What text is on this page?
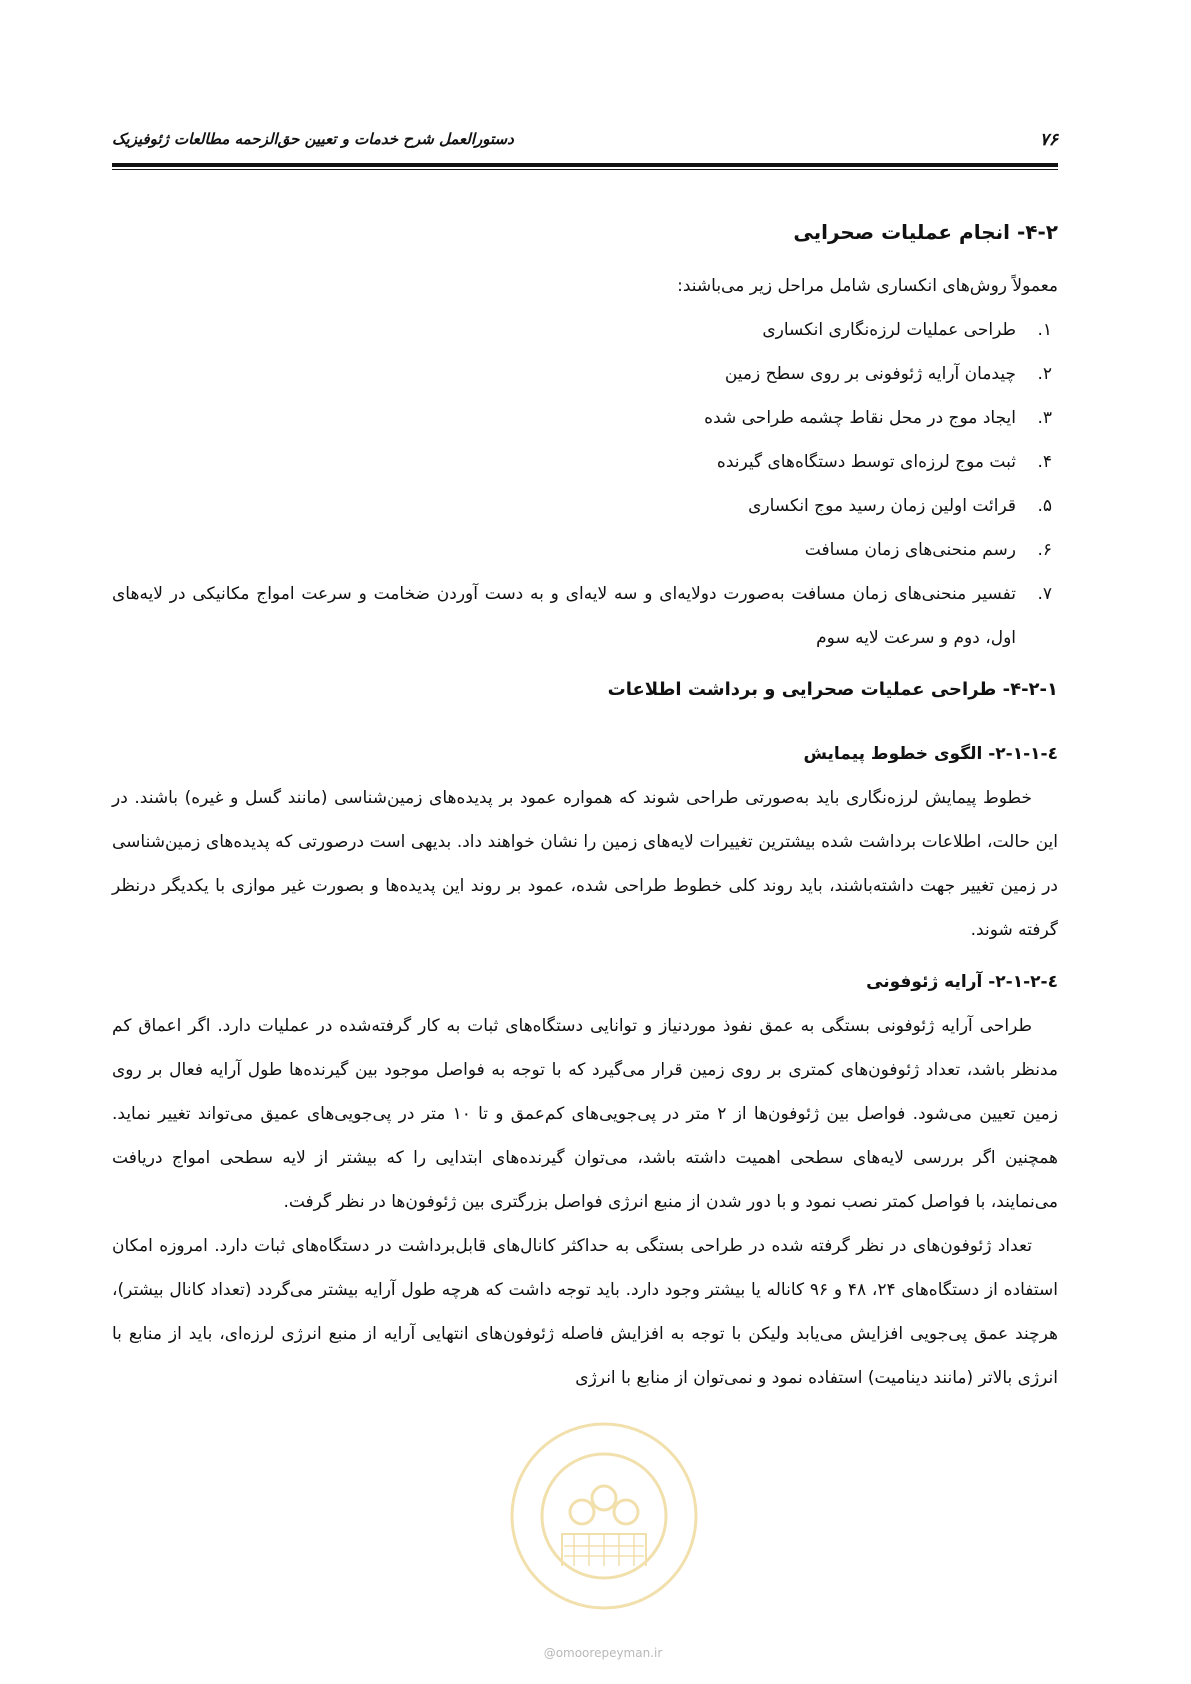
۷۶
دستورالعمل شرح خدمات و تعیین حق‌الزحمه مطالعات ژئوفیزیک
۴-۲- انجام عملیات صحرایی

معمولاً روش‌های انکساری شامل مراحل زیر می‌باشند:

۱.
طراحی عملیات لرزه‌نگاری انکساری
۲.
چیدمان آرایه ژئوفونی بر روی سطح زمین
۳.
ایجاد موج در محل نقاط چشمه طراحی شده
۴.
ثبت موج لرزه‌ای توسط دستگاه‌های گیرنده
۵.
قرائت اولین زمان رسید موج انکساری
۶.
رسم منحنی‌های زمان مسافت
۷.
تفسیر منحنی‌های زمان مسافت به‌صورت دولایه‌ای و سه لایه‌ای و به دست آوردن ضخامت و سرعت امواج مکانیکی در لایه‌های اول، دوم و سرعت لایه سوم
۴-۲-۱- طراحی عملیات صحرایی و برداشت اطلاعات
٤-۲-۱-۱- الگوی خطوط پیمایش

خطوط پیمایش لرزه‌نگاری باید به‌صورتی طراحی شوند که همواره عمود بر پدیده‌های زمین‌شناسی (مانند گسل و غیره) باشند. در این حالت، اطلاعات برداشت شده بیشترین تغییرات لایه‌های زمین را نشان خواهند داد. بدیهی است درصورتی که پدیده‌های زمین‌شناسی در زمین تغییر جهت داشته‌باشند، باید روند کلی خطوط طراحی شده، عمود بر روند این پدیده‌ها و بصورت غیر موازی با یکدیگر درنظر گرفته شوند.

٤-۲-۱-۲- آرایه ژئوفونی

طراحی آرایه ژئوفونی بستگی به عمق نفوذ موردنیاز و توانایی دستگاه‌های ثبات به کار گرفته‌شده در عملیات دارد. اگر اعماق کم مدنظر باشد، تعداد ژئوفون‌های کمتری بر روی زمین قرار می‌گیرد که با توجه به فواصل موجود بین گیرنده‌ها طول آرایه فعال بر روی زمین تعیین می‌شود. فواصل بین ژئوفون‌ها از ۲ متر در پی‌جویی‌های کم‌عمق و تا ۱۰ متر در پی‌جویی‌های عمیق می‌تواند تغییر نماید. همچنین اگر بررسی لایه‌های سطحی اهمیت داشته باشد، می‌توان گیرنده‌های ابتدایی را که بیشتر از لایه سطحی امواج دریافت می‌نمایند، با فواصل کمتر نصب نمود و با دور شدن از منبع انرژی فواصل بزرگتری بین ژئوفون‌ها در نظر گرفت.

تعداد ژئوفون‌های در نظر گرفته شده در طراحی بستگی به حداکثر کانال‌های قابل‌برداشت در دستگاه‌های ثبات دارد. امروزه امکان استفاده از دستگاه‌های ۲۴، ۴۸ و ۹۶ کاناله یا بیشتر وجود دارد. باید توجه داشت که هرچه طول آرایه بیشتر می‌گردد (تعداد کانال بیشتر)، هرچند عمق پی‌جویی افزایش می‌یابد ولیکن با توجه به افزایش فاصله ژئوفون‌های انتهایی آرایه از منبع انرژی لرزه‌ای، باید از منابع با انرژی بالاتر (مانند دینامیت) استفاده نمود و نمی‌توان از منابع با انرژی

@omoorepeyman.ir
